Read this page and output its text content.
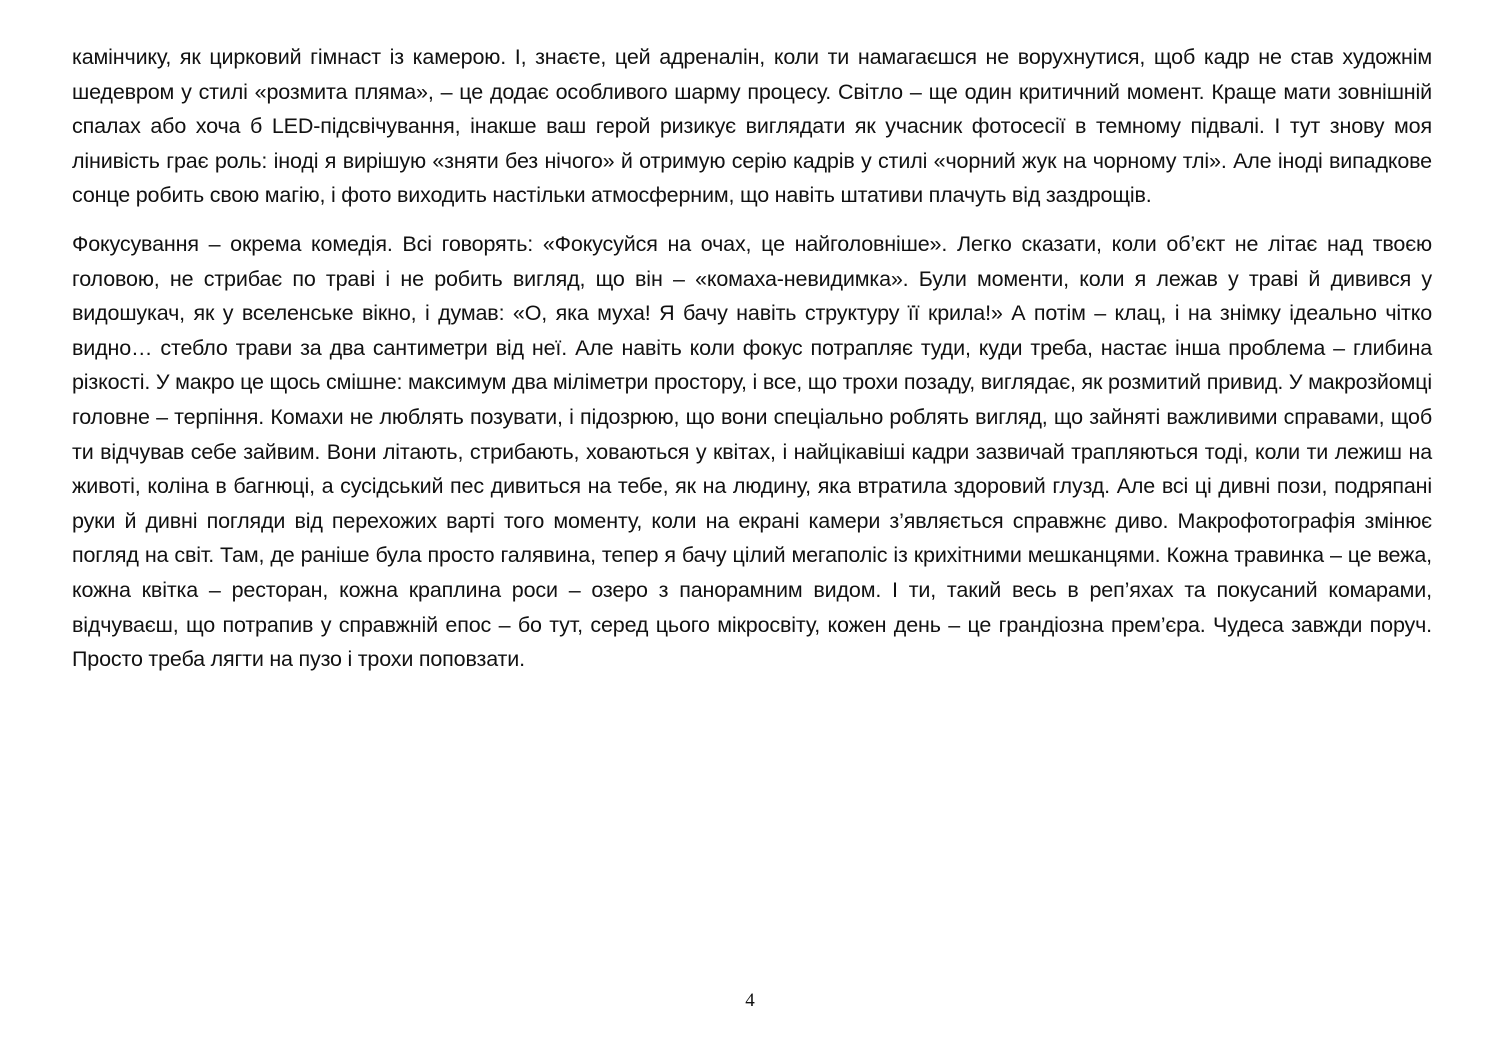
камінчику, як цирковий гімнаст із камерою. І, знаєте, цей адреналін, коли ти намагаєшся не ворухнутися, щоб кадр не став художнім шедевром у стилі «розмита пляма», – це додає особливого шарму процесу. Світло – ще один критичний момент. Краще мати зовнішній спалах або хоча б LED-підсвічування, інакше ваш герой ризикує виглядати як учасник фотосесії в темному підвалі. І тут знову моя лінивість грає роль: іноді я вирішую «зняти без нічого» й отримую серію кадрів у стилі «чорний жук на чорному тлі». Але іноді випадкове сонце робить свою магію, і фото виходить настільки атмосферним, що навіть штативи плачуть від заздрощів.

Фокусування – окрема комедія. Всі говорять: «Фокусуйся на очах, це найголовніше». Легко сказати, коли об’єкт не літає над твоєю головою, не стрибає по траві і не робить вигляд, що він – «комаха-невидимка». Були моменти, коли я лежав у траві й дивився у видошукач, як у вселенське вікно, і думав: «О, яка муха! Я бачу навіть структуру її крила!» А потім – клац, і на знімку ідеально чітко видно… стебло трави за два сантиметри від неї. Але навіть коли фокус потрапляє туди, куди треба, настає інша проблема – глибина різкості. У макро це щось смішне: максимум два міліметри простору, і все, що трохи позаду, виглядає, як розмитий привид. У макрозйомці головне – терпіння. Комахи не люблять позувати, і підозрюю, що вони спеціально роблять вигляд, що зайняті важливими справами, щоб ти відчував себе зайвим. Вони літають, стрибають, ховаються у квітах, і найцікавіші кадри зазвичай трапляються тоді, коли ти лежиш на животі, коліна в багнюці, а сусідський пес дивиться на тебе, як на людину, яка втратила здоровий глузд. Але всі ці дивні пози, подряпані руки й дивні погляди від перехожих варті того моменту, коли на екрані камери з’являється справжнє диво. Макрофотографія змінює погляд на світ. Там, де раніше була просто галявина, тепер я бачу цілий мегаполіс із крихітними мешканцями. Кожна травинка – це вежа, кожна квітка – ресторан, кожна краплина роси – озеро з панорамним видом. І ти, такий весь в реп’яхах та покусаний комарами, відчуваєш, що потрапив у справжній епос – бо тут, серед цього мікросвіту, кожен день – це грандіозна прем’єра. Чудеса завжди поруч. Просто треба лягти на пузо і трохи поповзати.

4
